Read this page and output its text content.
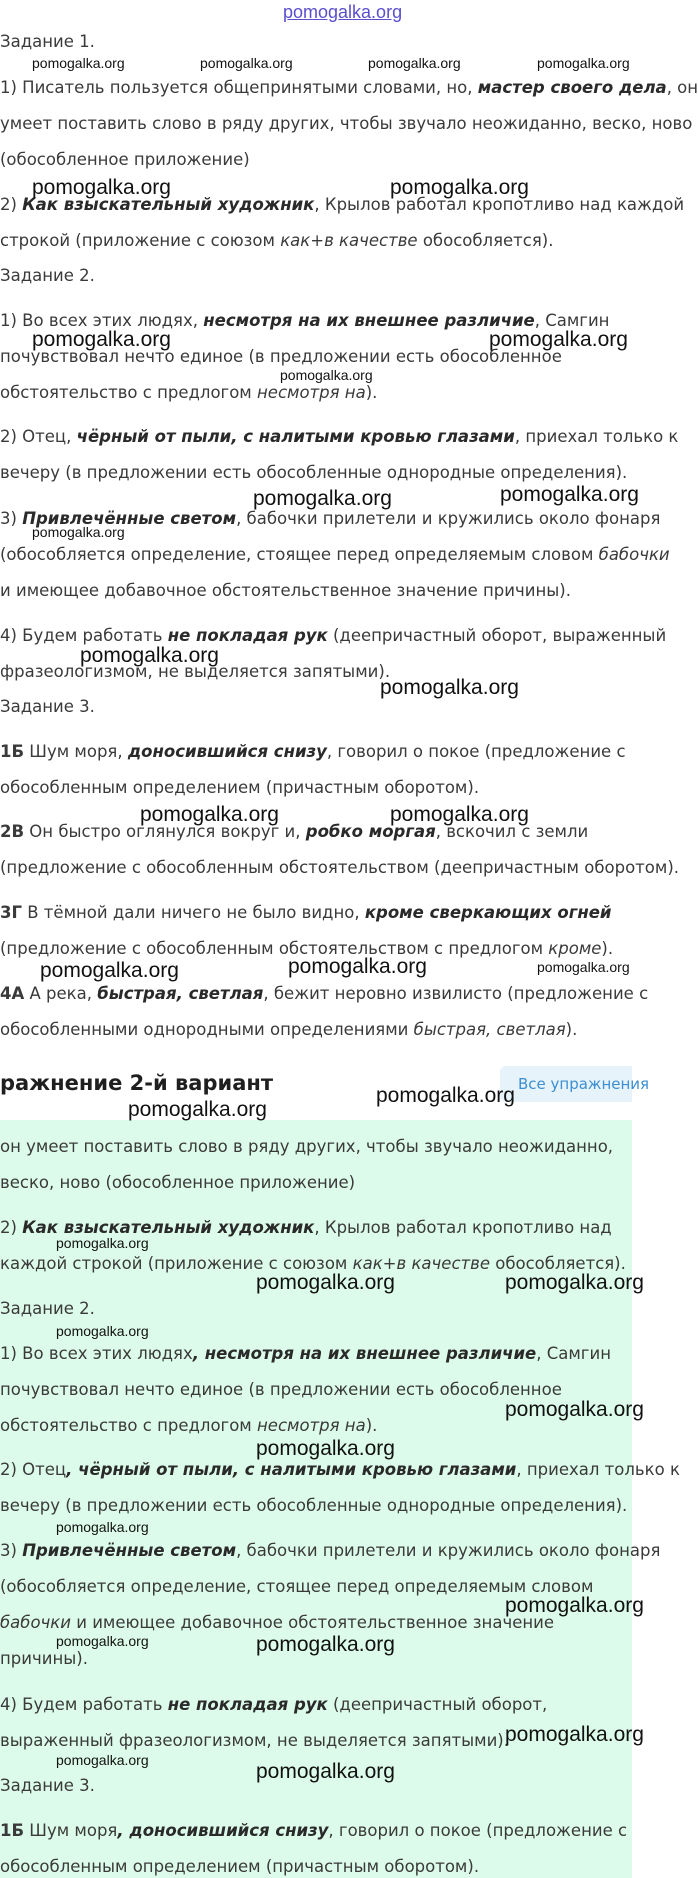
pomogalka.org
Задание 1.
1) Писатель пользуется общепринятыми словами, но, мастер своего дела, он
умеет поставить слово в ряду других, чтобы звучало неожиданно, веско, ново
(обособленное приложение)
2) Как взыскательный художник, Крылов работал кропотливо над каждой
строкой (приложение с союзом как+в качестве обособляется).
Задание 2.
1) Во всех этих людях, несмотря на их внешнее различие, Самгин
почувствовал нечто единое (в предложении есть обособленное
обстоятельство с предлогом несмотря на).
2) Отец, чёрный от пыли, с налитыми кровью глазами, приехал только к
вечеру (в предложении есть обособленные однородные определения).
3) Привлечённые светом, бабочки прилетели и кружились около фонаря
(обособляется определение, стоящее перед определяемым словом бабочки
и имеющее добавочное обстоятельственное значение причины).
4) Будем работать не покладая рук (деепричастный оборот, выраженный
фразеологизмом, не выделяется запятыми).
Задание 3.
1Б Шум моря, доносившийся снизу, говорил о покое (предложение с
обособленным определением (причастным оборотом).
2В Он быстро оглянулся вокруг и, робко моргая, вскочил с земли
(предложение с обособленным обстоятельством (деепричастным оборотом).
3Г В тёмной дали ничего не было видно, кроме сверкающих огней
(предложение с обособленным обстоятельством с предлогом кроме).
4А А река, быстрая, светлая, бежит неровно извилисто (предложение с
обособленными однородными определениями быстрая, светлая).
ражнение 2-й вариант	Все упражнения
он умеет поставить слово в ряду других, чтобы звучало неожиданно,
веско, ново (обособленное приложение)
2) Как взыскательный художник, Крылов работал кропотливо над
каждой строкой (приложение с союзом как+в качестве обособляется).
Задание 2.
1) Во всех этих людях, несмотря на их внешнее различие, Самгин
почувствовал нечто единое (в предложении есть обособленное
обстоятельство с предлогом несмотря на).
2) Отец, чёрный от пыли, с налитыми кровью глазами, приехал только к
вечеру (в предложении есть обособленные однородные определения).
3) Привлечённые светом, бабочки прилетели и кружились около фонаря
(обособляется определение, стоящее перед определяемым словом
бабочки и имеющее добавочное обстоятельственное значение
причины).
4) Будем работать не покладая рук (деепричастный оборот,
выраженный фразеологизмом, не выделяется запятыми).
Задание 3.
1Б Шум моря, доносившийся снизу, говорил о покое (предложение с
обособленным определением (причастным оборотом).
pomogalka.org	pomogalka.org	pomogalka.org	pomogalka.org
pomogalka.org	pomogalka.org
pomogalka.org	pomogalka.org
pomogalka.org
pomogalka.org	pomogalka.org
pomogalka.org
pomogalka.org
pomogalka.org
pomogalka.org	pomogalka.org
pomogalka.org	pomogalka.org	pomogalka.org
pomogalka.org
pomogalka.org
pomogalka.org
pomogalka.org	pomogalka.org
pomogalka.org
pomogalka.org
pomogalka.org
pomogalka.org
pomogalka.org
pomogalka.org	pomogalka.org
pomogalka.org
pomogalka.org	pomogalka.org
